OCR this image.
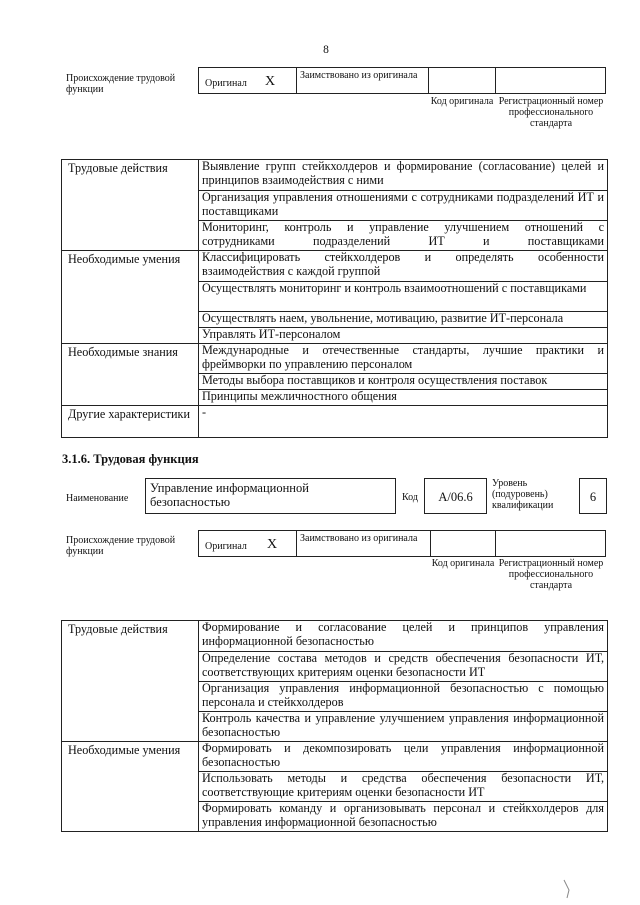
8
Происхождение трудовой функции
Оригинал X Заимствовано из оригинала
Код оригинала Регистрационный номер профессионального стандарта
Трудовые действия	Выявление групп стейкхолдеров и формирование (согласование) целей и принципов взаимодействия с ними
	Организация управления отношениями с сотрудниками подразделений ИТ и поставщиками
	Мониторинг, контроль и управление улучшением отношений с сотрудниками подразделений ИТ и поставщиками
Необходимые умения	Классифицировать стейкхолдеров и определять особенности взаимодействия с каждой группой
	Осуществлять мониторинг и контроль взаимоотношений с поставщиками
	Осуществлять наем, увольнение, мотивацию, развитие ИТ-персонала
	Управлять ИТ-персоналом
Необходимые знания	Международные и отечественные стандарты, лучшие практики и фреймворки по управлению персоналом
	Методы выбора поставщиков и контроля осуществления поставок
	Принципы межличностного общения
Другие характеристики	-
3.1.6. Трудовая функция
Наименование
Управление информационной безопасностью	Код	A/06.6
Уровень (подуровень) квалификации
6
Происхождение трудовой функции	Оригинал X Заимствовано из оригинала
Код оригинала Регистрационный номер профессионального стандарта
Трудовые действия	Формирование и согласование целей и принципов управления информационной безопасностью
	Определение состава методов и средств обеспечения безопасности ИТ, соответствующих критериям оценки безопасности ИТ
	Организация управления информационной безопасностью с помощью персонала и стейкхолдеров
	Контроль качества и управление улучшением управления информационной безопасностью
Необходимые умения	Формировать и декомпозировать цели управления информационной безопасностью
	Использовать методы и средства обеспечения безопасности ИТ, соответствующие критериям оценки безопасности ИТ
	Формировать команду и организовывать персонал и стейкхолдеров для управления информационной безопасностью
